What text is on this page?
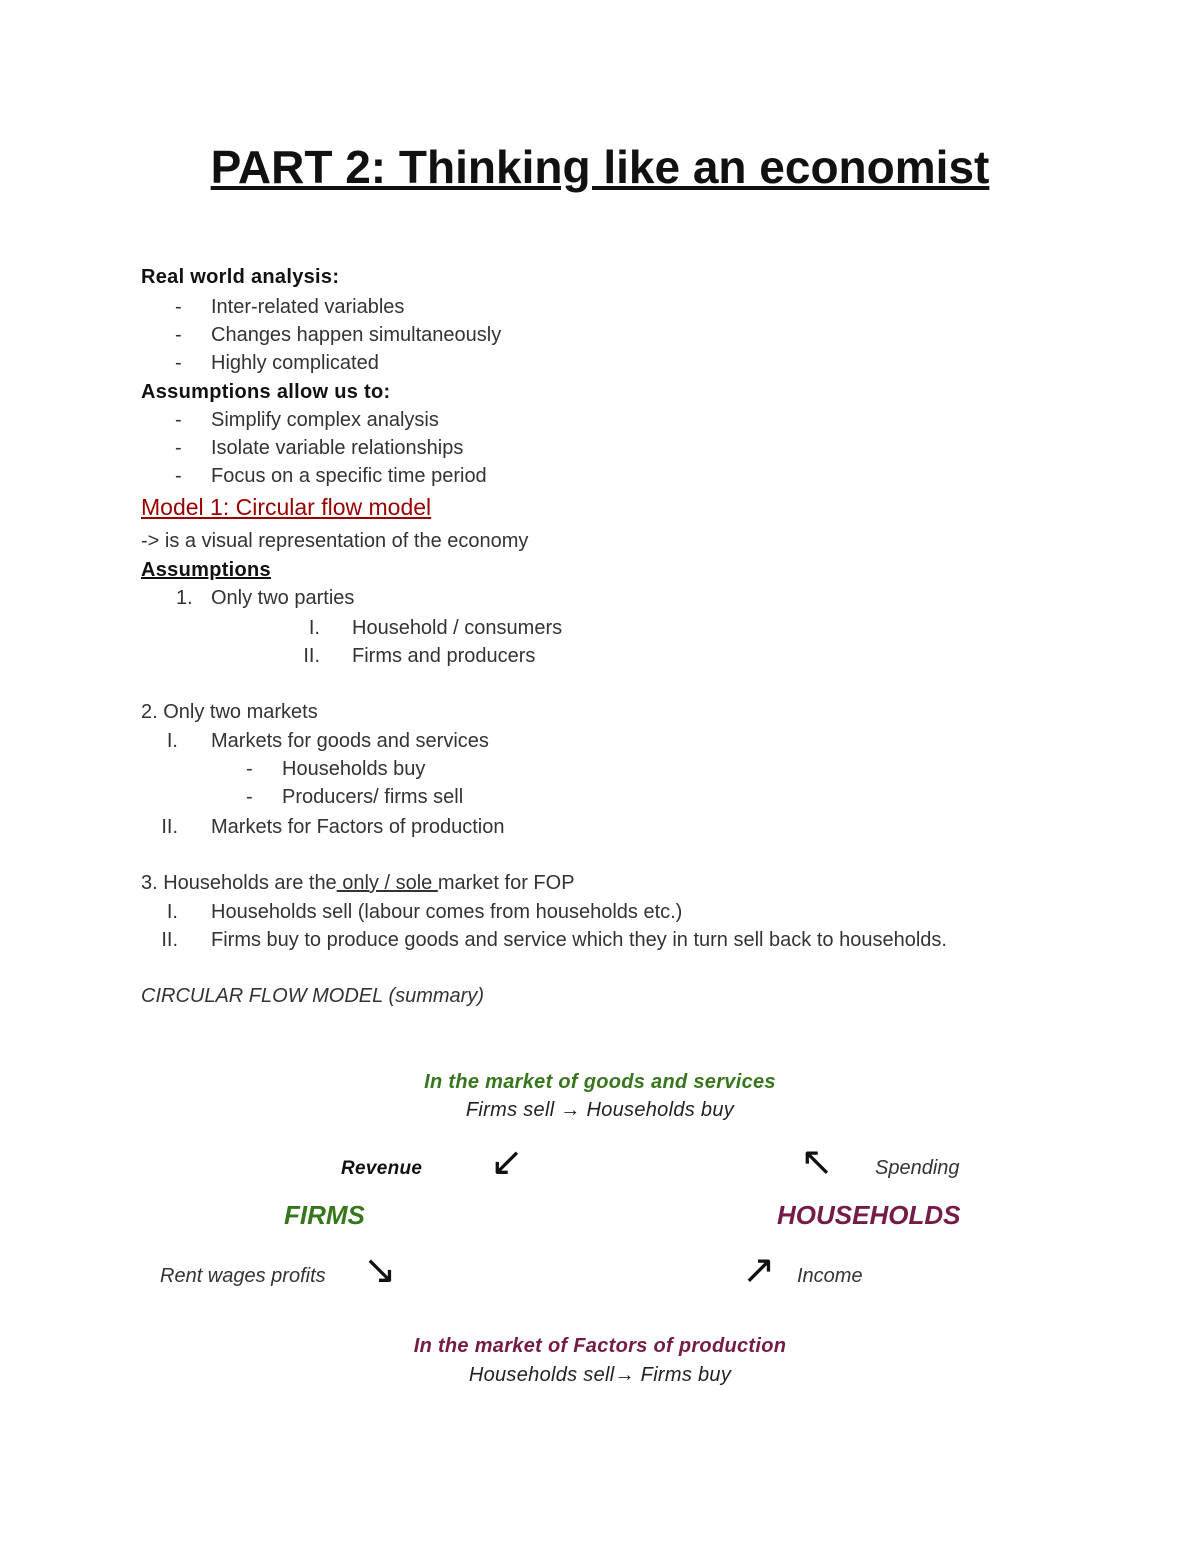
PART 2: Thinking like an economist
Real world analysis:
- Inter-related variables
- Changes happen simultaneously
- Highly complicated
Assumptions allow us to:
- Simplify complex analysis
- Isolate variable relationships
- Focus on a specific time period
Model 1: Circular flow model
-> is a visual representation of the economy
Assumptions
1. Only two parties
I. Household / consumers
II. Firms and producers
2. Only two markets
I. Markets for goods and services
- Households buy
- Producers/ firms sell
II. Markets for Factors of production
3. Households are the only / sole market for FOP
I. Households sell (labour comes from households etc.)
II. Firms buy to produce goods and service which they in turn sell back to households.
CIRCULAR FLOW MODEL (summary)
In the market of goods and services
Firms sell → Households buy
Revenue ↙	↖ Spending
FIRMS	HOUSEHOLDS
Rent wages profits ↘	↗ Income
In the market of Factors of production
Households sell→ Firms buy
